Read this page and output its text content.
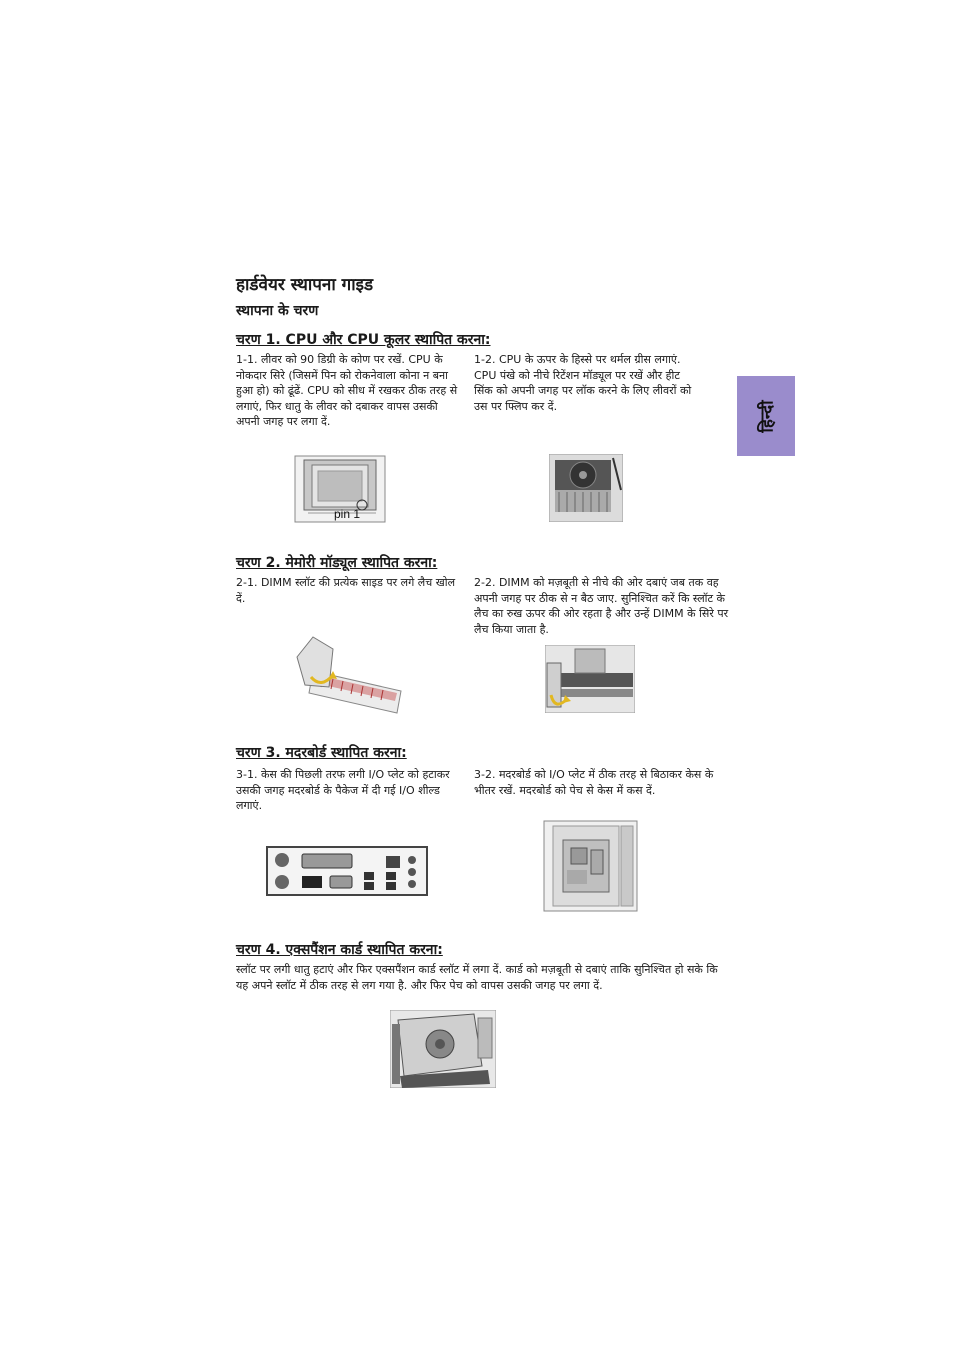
हार्डवेयर स्थापना गाइड
स्थापना के चरण
हिन्दी
चरण 1. CPU और CPU कूलर स्थापित करना:

1-1. लीवर को 90 डिग्री के कोण पर रखें. CPU के नोकदार सिरे (जिसमें पिन को रोकनेवाला कोना न बना हुआ हो) को ढूंढें. CPU को सीध में रखकर ठीक तरह से लगाएं, फिर धातु के लीवर को दबाकर वापस उसकी अपनी जगह पर लगा दें.

1-2. CPU के ऊपर के हिस्से पर थर्मल ग्रीस लगाएं. CPU पंखे को नीचे रिटेंशन मॉड्यूल पर रखें और हीट सिंक को अपनी जगह पर लॉक करने के लिए लीवरों को उस पर फ्लिप कर दें.

pin 1
चरण 2. मेमोरी मॉड्यूल स्थापित करना:

2-1. DIMM स्लॉट की प्रत्येक साइड पर लगे लैच खोल दें.

2-2. DIMM को मज़बूती से नीचे की ओर दबाएं जब तक वह अपनी जगह पर ठीक से न बैठ जाए. सुनिश्चित करें कि स्लॉट के लैच का रुख ऊपर की ओर रहता है और उन्हें DIMM के सिरे पर लैच किया जाता है.

चरण 3. मदरबोर्ड स्थापित करना:

3-1. केस की पिछली तरफ लगी I/O प्लेट को हटाकर उसकी जगह मदरबोर्ड के पैकेज में दी गई I/O शील्ड लगाएं.

3-2. मदरबोर्ड को I/O प्लेट में ठीक तरह से बिठाकर केस के भीतर रखें. मदरबोर्ड को पेच से केस में कस दें.

चरण 4. एक्सपैंशन कार्ड स्थापित करना:

स्लॉट पर लगी धातु हटाएं और फिर एक्सपैंशन कार्ड स्लॉट में लगा दें. कार्ड को मज़बूती से दबाएं ताकि सुनिश्चित हो सके कि यह अपने स्लॉट में ठीक तरह से लग गया है. और फिर पेच को वापस उसकी जगह पर लगा दें.
